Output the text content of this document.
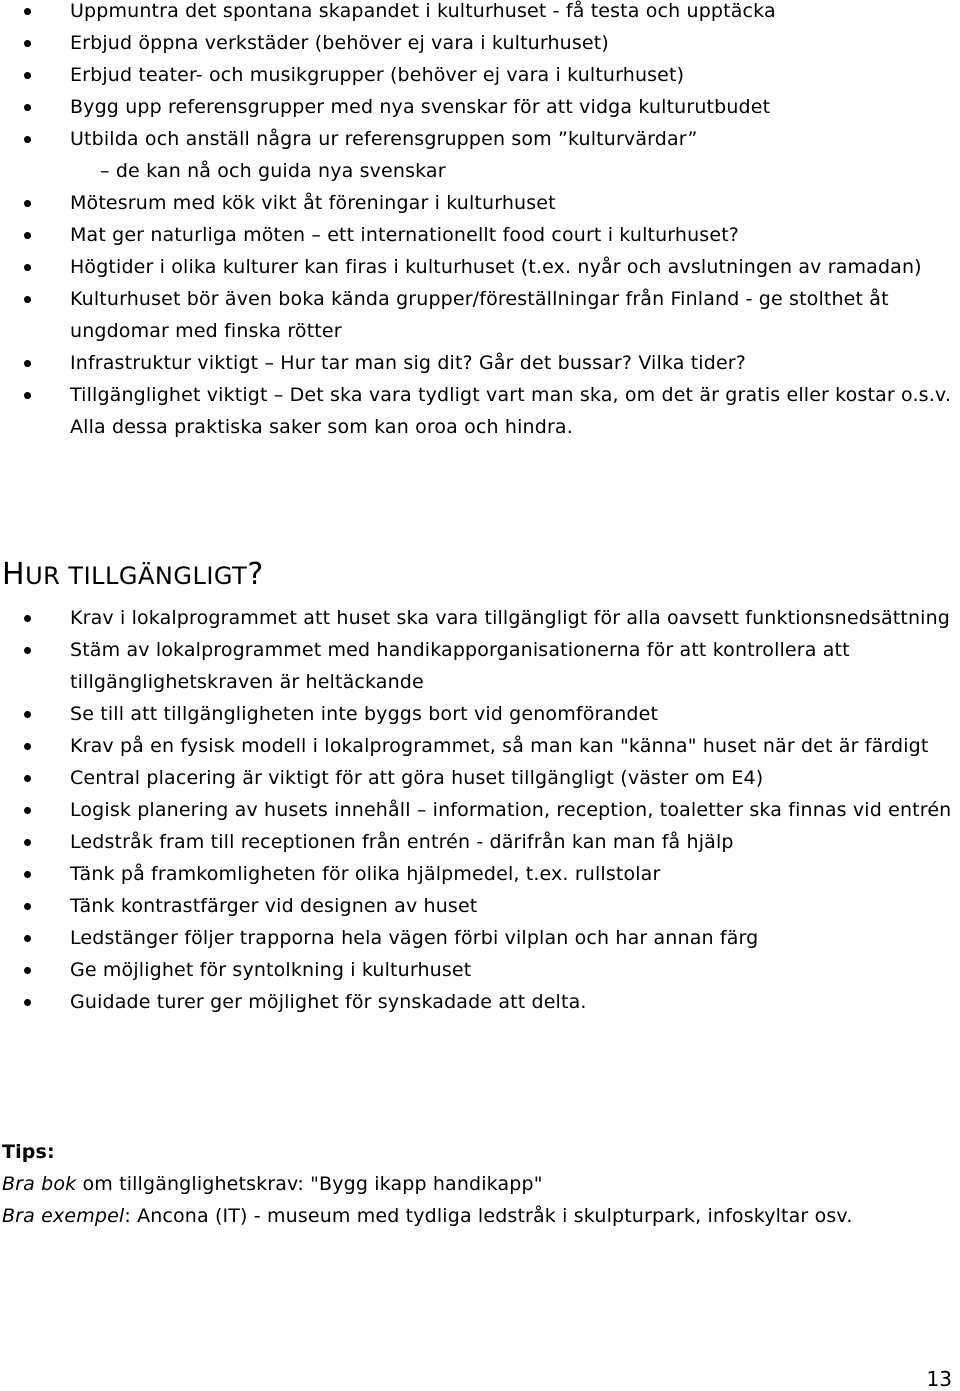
Uppmuntra det spontana skapandet i kulturhuset - få testa och upptäcka
Erbjud öppna verkstäder (behöver ej vara i kulturhuset)
Erbjud teater- och musikgrupper (behöver ej vara i kulturhuset)
Bygg upp referensgrupper med nya svenskar för att vidga kulturutbudet
Utbilda och anställ några ur referensgruppen som ”kulturvärdar”
– de kan nå och guida nya svenskar
Mötesrum med kök vikt åt föreningar i kulturhuset
Mat ger naturliga möten – ett internationellt food court i kulturhuset?
Högtider i olika kulturer kan firas i kulturhuset (t.ex. nyår och avslutningen av ramadan)
Kulturhuset bör även boka kända grupper/föreställningar från Finland - ge stolthet åt ungdomar med finska rötter
Infrastruktur viktigt – Hur tar man sig dit? Går det bussar? Vilka tider?
Tillgänglighet viktigt – Det ska vara tydligt vart man ska, om det är gratis eller kostar o.s.v. Alla dessa praktiska saker som kan oroa och hindra.
HUR TILLGÄNGLIGT?
Krav i lokalprogrammet att huset ska vara tillgängligt för alla oavsett funktionsnedsättning
Stäm av lokalprogrammet med handikapporganisationerna för att kontrollera att tillgänglighetskraven är heltäckande
Se till att tillgängligheten inte byggs bort vid genomförandet
Krav på en fysisk modell i lokalprogrammet, så man kan "känna" huset när det är färdigt
Central placering är viktigt för att göra huset tillgängligt (väster om E4)
Logisk planering av husets innehåll – information, reception, toaletter ska finnas vid entrén
Ledstråk fram till receptionen från entrén - därifrån kan man få hjälp
Tänk på framkomligheten för olika hjälpmedel, t.ex. rullstolar
Tänk kontrastfärger vid designen av huset
Ledstänger följer trapporna hela vägen förbi vilplan och har annan färg
Ge möjlighet för syntolkning i kulturhuset
Guidade turer ger möjlighet för synskadade att delta.
Tips:
Bra bok om tillgänglighetskrav: "Bygg ikapp handikapp"
Bra exempel: Ancona (IT) - museum med tydliga ledstråk i skulpturpark, infoskyltar osv.
13
